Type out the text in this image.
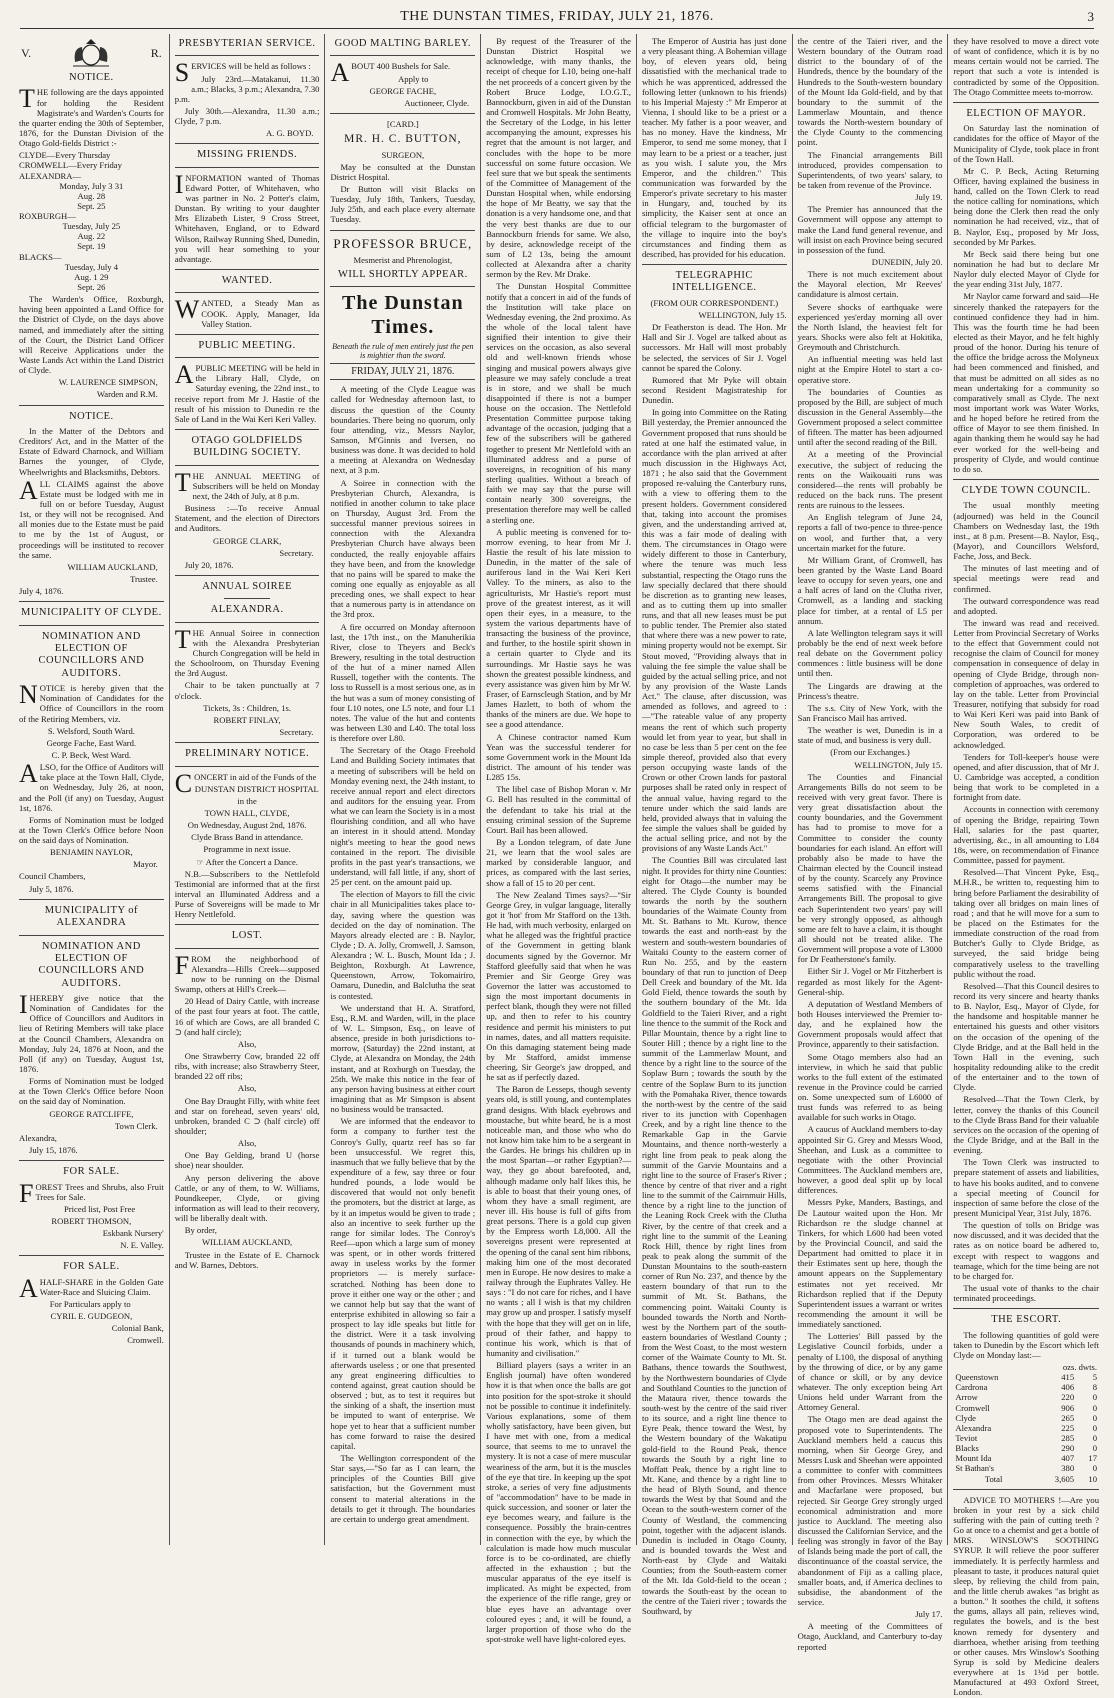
THE DUNSTAN TIMES, FRIDAY, JULY 21, 1876.	3
V.	R.
NOTICE.

THE following are the days appointed for holding the Resident Magistrate's and Warden's Courts for the quarter ending the 30th of September, 1876, for the Dunstan Division of the Otago Gold-fields District :-

CLYDE—Every Thursday

CROMWELL—Every Friday

ALEXANDRA—

Monday, July 3 31

Aug. 28

Sept. 25

ROXBURGH—

Tuesday, July 25

Aug. 22

Sept. 19

BLACKS—

Tuesday, July 4

Aug. 1 29

Sept. 26

The Warden's Office, Roxburgh, having been appointed a Land Office for the District of Clyde, on the days above named, and immediately after the sitting of the Court, the District Land Officer will Receive Applications under the Waste Lands Act within the Land District of Clyde.

W. LAURENCE SIMPSON,

Warden and R.M.

NOTICE.

In the Matter of the Debtors and Creditors' Act, and in the Matter of the Estate of Edward Charnock, and William Barnes the younger, of Clyde, Wheelwrights and Blacksmiths, Debtors.

ALL CLAIMS against the above Estate must be lodged with me in full on or before Tuesday, August 1st, or they will not be recognised. And all monies due to the Estate must be paid to me by the 1st of August, or proceedings will be instituted to recover the same.

WILLIAM AUCKLAND,

Trustee.

July 4, 1876.

MUNICIPALITY OF CLYDE.
NOMINATION AND ELECTION OF COUNCILLORS AND AUDITORS.

NOTICE is hereby given that the Nomination of Candidates for the Office of Councillors in the room of the Retiring Members, viz.

S. Welsford, South Ward.

George Fache, East Ward.

C. P. Beck, West Ward.

ALSO, for the Office of Auditors will take place at the Town Hall, Clyde, on Wednesday, July 26, at noon, and the Poll (if any) on Tuesday, August 1st, 1876.

Forms of Nomination must be lodged at the Town Clerk's Office before Noon on the said days of Nomination.

BENJAMIN NAYLOR,

Mayor.

Council Chambers,

July 5, 1876.

MUNICIPALITY of ALEXANDRA
NOMINATION AND ELECTION OF COUNCILLORS AND AUDITORS.

IHEREBY give notice that the Nomination of Candidates for the Office of Councillors and Auditors in lieu of Retiring Members will take place at the Council Chambers, Alexandra on Monday, July 24, 1876 at Noon, and the Poll (if any) on Tuesday, August 1st, 1876.

Forms of Nomination must be lodged at the Town Clerk's Office before Noon on the said day of Nomination.

GEORGE RATCLIFFE,

Town Clerk.

Alexandra,

July 15, 1876.

FOR SALE.

FOREST Trees and Shrubs, also Fruit Trees for Sale.

Priced list, Post Free

ROBERT THOMSON,

Eskbank Nursery'

N. E. Valley.

FOR SALE.

AHALF-SHARE in the Golden Gate Water-Race and Sluicing Claim.

For Particulars apply to

CYRIL E. GUDGEON,

Colonial Bank,

Cromwell.

PRESBYTERIAN SERVICE.

SERVICES will be held as follows :

July 23rd.—Matakanui, 11.30 a.m.; Blacks, 3 p.m.; Alexandra, 7.30 p.m.

July 30th.—Alexandra, 11.30 a.m.; Clyde, 7 p.m.

A. G. BOYD.

MISSING FRIENDS.

INFORMATION wanted of Thomas Edward Potter, of Whitehaven, who was partner in No. 2 Potter's claim, Dunstan. By writing to your daughter Mrs Elizabeth Lister, 9 Cross Street, Whitehaven, England, or to Edward Wilson, Railway Running Shed, Dunedin, you will hear something to your advantage.

WANTED.

WANTED, a Steady Man as COOK. Apply, Manager, Ida Valley Station.

PUBLIC MEETING.

APUBLIC MEETING will be held in the Library Hall, Clyde, on Saturday evening, the 22nd inst., to receive report from Mr J. Hastie of the result of his mission to Dunedin re the Sale of Land in the Wai Keri Keri Valley.

OTAGO GOLDFIELDS BUILDING SOCIETY.

THE ANNUAL MEETING of Subscribers will be held on Monday next, the 24th of July, at 8 p.m.

Business :—To receive Annual Statement, and the election of Directors and Auditors.

GEORGE CLARK,

Secretary.

July 20, 1876.

ANNUAL SOIREE
ALEXANDRA.

THE Annual Soiree in connection with the Alexandra Presbyterian Church Congregation will be held in the Schoolroom, on Thursday Evening the 3rd August.

Chair to be taken punctually at 7 o'clock.

Tickets, 3s : Children, 1s.

ROBERT FINLAY,

Secretary.

PRELIMINARY NOTICE.

CONCERT in aid of the Funds of the

DUNSTAN DISTRICT HOSPITAL

in the

TOWN HALL, CLYDE,

On Wednesday, August 2nd, 1876.

Clyde Brass Band in attendance.

Programme in next issue.

☞ After the Concert a Dance.

N.B.—Subscribers to the Nettlefold Testimonial are informed that at the first interval an Illuminated Address and a Purse of Sovereigns will be made to Mr Henry Nettlefold.

LOST.

FROM the neighborhood of Alexandra—Hills Creek—supposed now to be running on the Dismal Swamp, others at Hill's Creek—

20 Head of Dairy Cattle, with increase of the past four years at foot. The cattle, 16 of which are Cows, are all branded C ⊃ (and half circle);

Also,

One Strawberry Cow, branded 22 off ribs, with increase; also Strawberry Steer, branded 22 off ribs;

Also,

One Bay Draught Filly, with white feet and star on forehead, seven years' old, unbroken, branded C ⊃ (half circle) off shoulder;

Also,

One Bay Gelding, brand U (horse shoe) near shoulder.

Any person delivering the above Cattle, or any of them, to W. Williams, Poundkeeper, Clyde, or giving information as will lead to their recovery, will be liberally dealt with.

By order,

WILLIAM AUCKLAND,

Trustee in the Estate of E. Charnock and W. Barnes, Debtors.

GOOD MALTING BARLEY.

ABOUT 400 Bushels for Sale.

Apply to

GEORGE FACHE,

Auctioneer, Clyde.

[CARD.]

MR. H. C. BUTTON,

SURGEON,

May be consulted at the Dunstan District Hospital.

Dr Button will visit Blacks on Tuesday, July 18th, Tankers, Tuesday, July 25th, and each place every alternate Tuesday.

PROFESSOR BRUCE,

Mesmerist and Phrenologist,

WILL SHORTLY APPEAR.
The Dunstan Times.

Beneath the rule of men entirely just the pen is mightier than the sword.

FRIDAY, JULY 21, 1876.

A meeting of the Clyde League was called for Wednesday afternoon last, to discuss the question of the County boundaries. There being no quorum, only four attending, viz., Messrs Naylor, Samson, M'Ginnis and Iversen, no business was done. It was decided to hold a meeting at Alexandra on Wednesday next, at 3 p.m.

A Soiree in connection with the Presbyterian Church, Alexandra, is notified in another column to take place on Thursday, August 3rd. From the successful manner previous soirees in connection with the Alexandra Presbyterian Church have always been conducted, the really enjoyable affairs they have been, and from the knowledge that no pains will be spared to make the coming one equally as enjoyable as all preceding ones, we shall expect to hear that a numerous party is in attendance on the 3rd prox.

A fire occurred on Monday afternoon last, the 17th inst., on the Manuherikia River, close to Theyers and Beck's Brewery, resulting in the total destruction of the hut of a miner named Allen Russell, together with the contents. The loss to Russell is a most serious one, as in the hut was a sum of money consisting of four L10 notes, one L5 note, and four L1 notes. The value of the hut and contents was between L30 and L40. The total loss is therefore over L80.

The Secretary of the Otago Freehold Land and Building Society intimates that a meeting of subscribers will be held on Monday evening next, the 24th instant, to receive annual report and elect directors and auditors for the ensuing year. From what we can learn the Society is in a most flourishing condition, and all who have an interest in it should attend. Monday night's meeting to hear the good news contained in the report. The divisible profits in the past year's transactions, we understand, will fall little, if any, short of 25 per cent. on the amount paid up.

The election of Mayors to fill the civic chair in all Municipalities takes place to-day, saving where the question was decided on the day of nomination. The Mayors already elected are : B. Naylor, Clyde ; D. A. Jolly, Cromwell, J. Samson, Alexandra ; W. L. Busch, Mount Ida ; J. Beighton, Roxburgh. At Lawrence, Queenstown, Arrow, Tokomairiro, Oamaru, Dunedin, and Balclutha the seat is contested.

We understand that H. A. Stratford, Esq., R.M. and Warden, will, in the place of W. L. Simpson, Esq., on leave of absence, preside in both jurisdictions to-morrow, (Saturday) the 22nd instant, at Clyde, at Alexandra on Monday, the 24th instant, and at Roxburgh on Tuesday, the 25th. We make this notice in the fear of any person having business at either court imagining that as Mr Simpson is absent no business would be transacted.

We are informed that the endeavor to form a company to further test the Conroy's Gully, quartz reef has so far been unsuccessful. We regret this, inasmuch that we fully believe that by the expenditure of a few, say three or four hundred pounds, a lode would be discovered that would not only benefit the promoters, but the district at large, as by it an impetus would be given to trade ; also an incentive to seek further up the range for similar lodes. The Conroy's Reef—upon which a large sum of money was spent, or in other words frittered away in useless works by the former proprietors — is merely surface-scratched. Nothing has been done to prove it either one way or the other ; and we cannot help but say that the want of enterprise exhibited in allowing so fair a prospect to lay idle speaks but little for the district. Were it a task involving thousands of pounds in machinery which, if it turned out a blank would be afterwards useless ; or one that presented any great engineering difficulties to contend against, great caution should be observed ; but, as to test it requires but the sinking of a shaft, the insertion must be imputed to want of enterprise. We hope yet to hear that a sufficient number has come forward to raise the desired capital.

The Wellington correspondent of the Star says,—"So far as I can learn, the principles of the Counties Bill give satisfaction, but the Government must consent to material alterations in the details to get it through. The boundaries are certain to undergo great amendment.

By request of the Treasurer of the Dunstan District Hospital we acknowledge, with many thanks, the receipt of cheque for L10, being one-half the net proceeds of a concert given by the Robert Bruce Lodge, I.O.G.T., Bannockburn, given in aid of the Dunstan and Cromwell Hospitals. Mr John Beatty, the Secretary of the Lodge, in his letter accompanying the amount, expresses his regret that the amount is not larger, and concludes with the hope to be more successful on some future occasion. We feel sure that we but speak the sentiments of the Committee of Management of the Dunstan Hospital when, while endorsing the hope of Mr Beatty, we say that the donation is a very handsome one, and that the very best thanks are due to our Bannockburn friends for same. We also, by desire, acknowledge receipt of the sum of L2 13s, being the amount collected at Alexandra after a charity sermon by the Rev. Mr Drake.

The Dunstan Hospital Committee notify that a concert in aid of the funds of the Institution will take place on Wednesday evening, the 2nd proximo. As the whole of the local talent have signified their intention to give their services on the occasion, as also several old and well-known friends whose singing and musical powers always give pleasure we may safely conclude a treat is in store, and we shall be much disappointed if there is not a bumper house on the occasion. The Nettlefold Presentation Committee purpose taking advantage of the occasion, judging that a few of the subscribers will be gathered together to present Mr Nettlefold with an illuminated address and a purse of sovereigns, in recognition of his many sterling qualities. Without a breach of faith we may say that the purse will contain nearly 300 sovereigns, the presentation therefore may well be called a sterling one.

A public meeting is convened for to-morrow evening, to hear from Mr J. Hastie the result of his late mission to Dunedin, in the matter of the sale of auriferous land in the Wai Keri Keri Valley. To the miners, as also to the agriculturists, Mr Hastie's report must prove of the greatest interest, as it will open their eyes, in a measure, to the system the various departments have of transacting the business of the province, and further, to the hostile spirit shown in a certain quarter to Clyde and its surroundings. Mr Hastie says he was shown the greatest possible kindness, and every assistance was given him by Mr W. Fraser, of Earnscleugh Station, and by Mr James Hazlett, to both of whom the thanks of the miners are due. We hope to see a good attendance.

A Chinese contractor named Kum Yean was the successful tenderer for some Government work in the Mount Ida district. The amount of his tender was L285 15s.

The libel case of Bishop Moran v. Mr G. Bell has resulted in the committal of the defendant to take his trial at the ensuing criminal session of the Supreme Court. Bail has been allowed.

By a London telegram, of date June 21, we learn that the wool sales are marked by considerable languor, and prices, as compared with the last series, show a fall of 15 to 20 per cent.

The New Zealand Times says?—"Sir George Grey, in vulgar language, literally got it 'hot' from Mr Stafford on the 13th. He had, with much verbosity, enlarged on what he alleged was the frightful practice of the Government in getting blank documents signed by the Governor. Mr Stafford gleefully said that when he was Premier and Sir George Grey was Governor the latter was accustomed to sign the most important documents in perfect blank, though they were not filled up, and then to refer to his country residence and permit his ministers to put in names, dates, and all matters requisite. On this damaging statement being made by Mr Stafford, amidst immense cheering, Sir George's jaw dropped, and he sat as if perfectly dazed.

The Baron de Lesseps, though seventy years old, is still young, and contemplates grand designs. With black eyebrows and moustache, but white beard, he is a most noticeable man, and those who who do not know him take him to be a sergeant in the Gardes. He brings his children up in the most Spartan—or rather Egyptian?—way, they go about barefooted, and, although madame only half likes this, he is able to boast that their young ones, of whom they have a small regiment, are never ill. His house is full of gifts from great persons. There is a gold cup given by the Empress worth L8,000. All the sovereigns present were represented at the opening of the canal sent him ribbons, making him one of the most decorated men in Europe. He now desires to make a railway through the Euphrates Valley. He says : "I do not care for riches, and I have no wants ; all I wish is that my children may grow up and prosper. I satisfy myself with the hope that they will get on in life, proud of their father, and happy to continue his work, which is that of humanity and civilisation."

Billiard players (says a writer in an English journal) have often wondered how it is that when once the balls are got into position for the spot-stroke it should not be possible to continue it indefinitely. Various explanations, some of them wholly satisfactory, have been given, but I have met with one, from a medical source, that seems to me to unravel the mystery. It is not a case of mere muscular weariness of the arm, but it is the muscles of the eye that tire. In keeping up the spot stroke, a series of very fine adjustments of "accommodation" have to be made in quick succession, and sooner or later the eye becomes weary, and failure is the consequence. Possibly the brain-centres in connection with the eye, by which the calculation is made how much muscular force is to be co-ordinated, are chiefly affected in the exhaustion ; but the muscular apparatus of the eye itself is implicated. As might be expected, from the experience of the rifle range, grey or blue eyes have an advantage over coloured eyes ; and, it will be found, a larger proportion of those who do the spot-stroke well have light-colored eyes.

The Emperor of Austria has just done a very pleasant thing. A Bohemian village boy, of eleven years old, being dissatisfied with the mechanical trade to which he was apprenticed, addressed the following letter (unknown to his friends) to his Imperial Majesty :" Mr Emperor at Vienna, I should like to be a priest or a teacher. My father is a poor weaver, and has no money. Have the kindness, Mr Emperor, to send me some money, that I may learn to be a priest or a teacher, just as you wish. I salute you, the Mrs Emperor, and the children." This communication was forwarded by the Emperor's private secretary to his master in Hungary, and, touched by its simplicity, the Kaiser sent at once an official telegram to the burgomaster of the village to inquire into the boy's circumstances and finding them as described, has provided for his education.

TELEGRAPHIC INTELLIGENCE.

(FROM OUR CORRESPONDENT.)

WELLINGTON, July 15.

Dr Featherston is dead. The Hon. Mr Hall and Sir J. Vogel are talked about as successors. Mr Hall will most probably be selected, the services of Sir J. Vogel cannot be spared the Colony.

Rumored that Mr Pyke will obtain second Resident Magistrateship for Dunedin.

In going into Committee on the Rating Bill yesterday, the Premier announced the Government proposed that runs should be rated at one half the estimated value, in accordance with the plan arrived at after much discussion in the Highways Act, 1871 ; he also said that the Government proposed re-valuing the Canterbury runs, with a view to offering them to the present holders. Government considered that, taking into account the promises given, and the understanding arrived at, this was a fair mode of dealing with them. The circumstances in Otago were widely different to those in Canterbury, where the tenure was much less substantial, respecting the Otago runs the law specially declared that there should be discretion as to granting new leases, and as to cutting them up into smaller runs, and that all new leases must be put to public tender. The Premier also stated that where there was a new power to rate, mining property would not be exempt. Sir Stout moved, "Providing always that in valuing the fee simple the value shall be guided by the actual selling price, and not by any provision of the Waste Lands Act." The clause, after discussion, was amended as follows, and agreed to :—"The rateable value of any property means the rent of which such property would let from year to year, but shall in no case be less than 5 per cent on the fee simple thereof, provided also that every person occupying waste lands of the Crown or other Crown lands for pastoral purposes shall be rated only in respect of the annual value, having regard to the tenure under which the said lands are held, provided always that in valuing the fee simple the values shall be guided by the actual selling price, and not by the provisions of any Waste Lands Act."

The Counties Bill was circulated last night. It provides for thirty nine Counties: eight for Otago—the number may be altered. The Clyde County is bounded towards the north by the southern boundaries of the Waimate County from Mt. St. Bathans to Mt. Kurow, thence towards the east and north-east by the western and south-western boundaries of Waitaki County to the eastern corner of Run No. 255, and by the eastern boundary of that run to junction of Deep Dell Creek and boundary of the Mt. Ida Gold Field, thence towards the south by the southern boundary of the Mt. Ida Goldfield to the Taieri River, and a right line thence to the summit of the Rock and Pillar Mountain, thence by a right line to Souter Hill ; thence by a right line to the summit of the Lammerlaw Mount, and thence by a right line to the source of the Soplaw Burn ; towards the south by the centre of the Soplaw Burn to its junction with the Pomahaka River, thence towards the north-west by the centre of the said river to its junction with Copenhagen Creek, and by a right line thence to the Remarkable Gap in the Garvie Mountains, and thence north-westerly a right line from peak to peak along the summit of the Garvie Mountains and a right line to the source of Fraser's River ; thence by centre of that river and a right line to the summit of the Cairnmuir Hills, thence by a right line to the junction of the Leaning Rock Creek with the Clutha River, by the centre of that creek and a right line to the summit of the Leaning Rock Hill, thence by right lines from peak to peak along the summit of the Dunstan Mountains to the south-eastern corner of Run No. 237, and thence by the eastern boundary of that run to the summit of Mt. St. Bathans, the commencing point. Waitaki County is bounded towards the North and North-west by the Northern part of the south-eastern boundaries of Westland County ; from the West Coast, to the most western corner of the Waimate County to Mt. St. Bathans, thence towards the Southwest, by the Northwestern boundaries of Clyde and Southland Counties to the junction of the Mataura river, thence towards the south-west by the centre of the said river to its source, and a right line thence to Eyre Peak, thence toward the West, by the Western boundary of the Wakatipu gold-field to the Round Peak, thence towards the South by a right line to Moffatt Peak, thence by a right line to Mt. Kane, and thence by a right line to the head of Blyth Sound, and thence towards the West by that Sound and the Ocean to the south-western corner of the County of Westland, the commencing point, together with the adjacent islands. Dunedin is included in Otago County, and is bounded towards the West and North-east by Clyde and Waitaki Counties; from the South-eastern corner of the Mt. Ida Gold-field to the ocean ; towards the South-east by the ocean to the centre of the Taieri river ; towards the Southward, by

the centre of the Taieri river, and the Western boundary of the Outram road district to the boundary of of the Hundreds, thence by the boundary of the Hundreds to the South-western boundary of the Mount Ida Gold-field, and by that boundary to the summit of the Lammerlaw Mountain, and thence towards the North-western boundary of the Clyde County to the commencing point.

The Financial arrangements Bill introduced, provides compensation to Superintendents, of two years' salary, to be taken from revenue of the Province.

July 19.

The Premier has announced that the Government will oppose any attempt to make the Land fund general revenue, and will insist on each Province being secured in possession of the fund.

DUNEDIN, July 20.

There is not much excitement about the Mayoral election, Mr Reeves' candidature is almost certain.

Severe shocks of earthquake were experienced yes'erday morning all over the North Island, the heaviest felt for years. Shocks were also felt at Hokitika, Greymouth and Christchurch.

An influential meeting was held last night at the Empire Hotel to start a co-operative store.

The boundaries of Counties as proposed by the Bill, are subject of much discussion in the General Assembly—the Government proposed a select committee of fifteen. The matter has been adjourned until after the second reading of the Bill.

At a meeting of the Provincial executive, the subject of reducing the rents on the Waikouaiti runs was considered—the rents will probably be reduced on the back runs. The present rents are ruinous to the lessees.

An English telegram of June 24, reports a fall of two-pence to three-pence on wool, and further that, a very uncertain market for the future.

Mr William Grant, of Cromwell, has been granted by the Waste Land Board leave to occupy for seven years, one and a half acres of land on the Clutha river, Cromwell, as a landing and stacking place for timber, at a rental of L5 per annum.

A late Wellington telegram says it will probably be the end of next week before real debate on the Government policy commences : little business will be done until then.

The Lingards are drawing at the Princess's theatre.

The s.s. City of New York, with the San Francisco Mail has arrived.

The weather is wet, Dunedin is in a state of mud, and business is very dull.

(From our Exchanges.)

WELLINGTON, July 15.

The Counties and Financial Arrangements Bills do not seem to be received with very great favor. There is very great dissatisfaction about the county boundaries, and the Government has had to promise to move for a Committee to consider the county boundaries for each island. An effort will probably also be made to have the Chairman elected by the Council instead of by the county. Scarcely any Province seems satisfied with the Financial Arrangements Bill. The proposal to give each Superintendent two years' pay will be very strongly opposed, as although some are felt to have a claim, it is thought all should not be treated alike. The Government will propose a vote of L3000 for Dr Featherstone's family.

Either Sir J. Vogel or Mr Fitzherbert is regarded as most likely for the Agent-General-ship.

A deputation of Westland Members of both Houses interviewed the Premier to-day, and he explained how the Government proposals would affect that Province, apparently to their satisfaction.

Some Otago members also had an interview, in which he said that public works to the full extent of the estimated revenue in the Province could be carried on. Some unexpected sum of L6000 of trust funds was referred to as being available for such works in Otago.

A caucus of Auckland members to-day appointed Sir G. Grey and Messrs Wood, Sheehan, and Lusk as a committee to negotiate with the other Provincial Committees. The Auckland members are, however, a good deal split up by local differences.

Messrs Pyke, Manders, Bastings, and De Lautour waited upon the Hon. Mr Richardson re the sludge channel at Tinkers, for which L600 had been voted by the Provincial Council, and said the Department had omitted to place it in their Estimates sent up here, though the amount appears on the Supplementary estimates not yet received. Mr Richardson replied that if the Deputy Superintendent issues a warrant or writes recommending the amount it will be immediately sanctioned.

The Lotteries' Bill passed by the Legislative Council forbids, under a penalty of L100, the disposal of anything by the throwing of dice, or by any game of chance or skill, or by any device whatever. The only exception being Art Unions held under Warrant from the Attorney General.

The Otago men are dead against the proposed vote to Superintendents. The Auckland members held a caucus this morning, when Sir George Grey, and Messrs Lusk and Sheehan were appointed a committee to confer with committees from other Provinces. Messrs Whitaker and Macfarlane were proposed, but rejected. Sir George Grey strongly urged economical administration and more justice to Auckland. The meeting also discussed the Californian Service, and the feeling was strongly in favor of the Bay of Islands being made the port of call, the discontinuance of the coastal service, the abandonment of Fiji as a calling place, smaller boats, and, if America declines to subsidise, the abandonment of the service.

July 17.

A meeting of the Committees of Otago, Auckland, and Canterbury to-day reported

they have resolved to move a direct vote of want of confidence, which it is by no means certain would not be carried. The report that such a vote is intended is contradicted by some of the Opposition. The Otago Committee meets to-morrow.

ELECTION OF MAYOR.

On Saturday last the nomination of candidates for the office of Mayor of the Municipality of Clyde, took place in front of the Town Hall.

Mr C. P. Beck, Acting Returning Officer, having explained the business in hand, called on the Town Clerk to read the notice calling for nominations, which being done the Clerk then read the only nomination he had received, viz., that of B. Naylor, Esq., proposed by Mr Joss, seconded by Mr Parkes.

Mr Beck said there being but one nomination he had but to declare Mr Naylor duly elected Mayor of Clyde for the year ending 31st July, 1877.

Mr Naylor came forward and said—He sincerely thanked the ratepayers for the continued confidence they had in him. This was the fourth time he had been elected as their Mayor, and he felt highly proud of the honor. During his tenure of the office the bridge across the Molyneux had been commenced and finished, and that must be admitted on all sides as no mean undertaking for a community so comparatively small as Clyde. The next most important work was Water Works, and he hoped before he retired from the office of Mayor to see them finished. In again thanking them he would say he had ever worked for the well-being and prosperity of Clyde, and would continue to do so.

CLYDE TOWN COUNCIL.

The usual monthly meeting (adjourned) was held in the Council Chambers on Wednesday last, the 19th inst., at 8 p.m. Present—B. Naylor, Esq., (Mayor), and Councillors Welsford, Fache, Joss, and Beck.

The minutes of last meeting and of special meetings were read and confirmed.

The outward correspondence was read and adopted.

The inward was read and received. Letter from Provincial Secretary of Works to the effect that Government could not recognise the claim of Council for money compensation in consequence of delay in opening of Clyde Bridge, through non-completion of approaches, was ordered to lay on the table. Letter from Provincial Treasurer, notifying that subsidy for road to Wai Keri Keri was paid into Bank of New South Wales, to credit of Corporation, was ordered to be acknowledged.

Tenders for Toll-keeper's house were opened, and after discussion, that of Mr J. U. Cambridge was accepted, a condition being that work to be completed in a fortnight from date.

Accounts in connection with ceremony of opening the Bridge, repairing Town Hall, salaries for the past quarter, advertising, &c., in all amounting to L84 18s, were, on recommendation of Finance Committee, passed for payment.

Resolved—That Vincent Pyke, Esq., M.H.R., be written to, requesting him to bring before Parliament the desirability of taking over all bridges on main lines of road ; and that he will move for a sum to be placed on the Estimates for the immediate construction of the road from Butcher's Gully to Clyde Bridge, as surveyed, the said bridge being comparatively useless to the travelling public without the road.

Resolved—That this Council desires to record its very sincere and hearty thanks to B. Naylor, Esq., Mayor of Clyde, for the handsome and hospitable manner he entertained his guests and other visitors on the occasion of the opening of the Clyde Bridge, and at the Ball held in the Town Hall in the evening, such hospitality redounding alike to the credit of the entertainer and to the town of Clyde.

Resolved—That the Town Clerk, by letter, convey the thanks of this Council to the Clyde Brass Band for their valuable services on the occasion of the opening of the Clyde Bridge, and at the Ball in the evening.

The Town Clerk was instructed to prepare statement of assets and liabilities, to have his books audited, and to convene a special meeting of Council for inspection of same before the close of the present Municipal Year, 31st July, 1876.

The question of tolls on Bridge was now discussed, and it was decided that the rates as on notice board be adhered to, except with respect to waggons and teamage, which for the time being are not to be charged for.

The usual vote of thanks to the chair terminated proceedings.

THE ESCORT.

The following quantities of gold were taken to Dunedin by the Escort which left Clyde on Monday last:—

	ozs. dwts.	
Queenstown	415	5
Cardrona	406	8
Arrow	220	0
Cromwell	906	0
Clyde	265	0
Alexandra	225	0
Teviot	285	0
Blacks	290	0
Mount Ida	407	17
St Bathan's	380	0
Total	3,605	10

ADVICE TO MOTHERS !—Are you broken in your rest by a sick child suffering with the pain of cutting teeth ? Go at once to a chemist and get a bottle of MRS. WINSLOW'S SOOTHING SYRUP. It will relieve the poor sufferer immediately. It is perfectly harmless and pleasant to taste, it produces natural quiet sleep, by relieving the child from pain, and the little cherub awakes "as bright as a button." It soothes the child, it softens the gums, allays all pain, relieves wind, regulates the bowels, and is the best known remedy for dysentery and diarrhoea, whether arising from teething or other causes. Mrs Winslow's Soothing Syrup is sold by Medicine dealers everywhere at 1s 1½d per bottle. Manufactured at 493 Oxford Street, London.
